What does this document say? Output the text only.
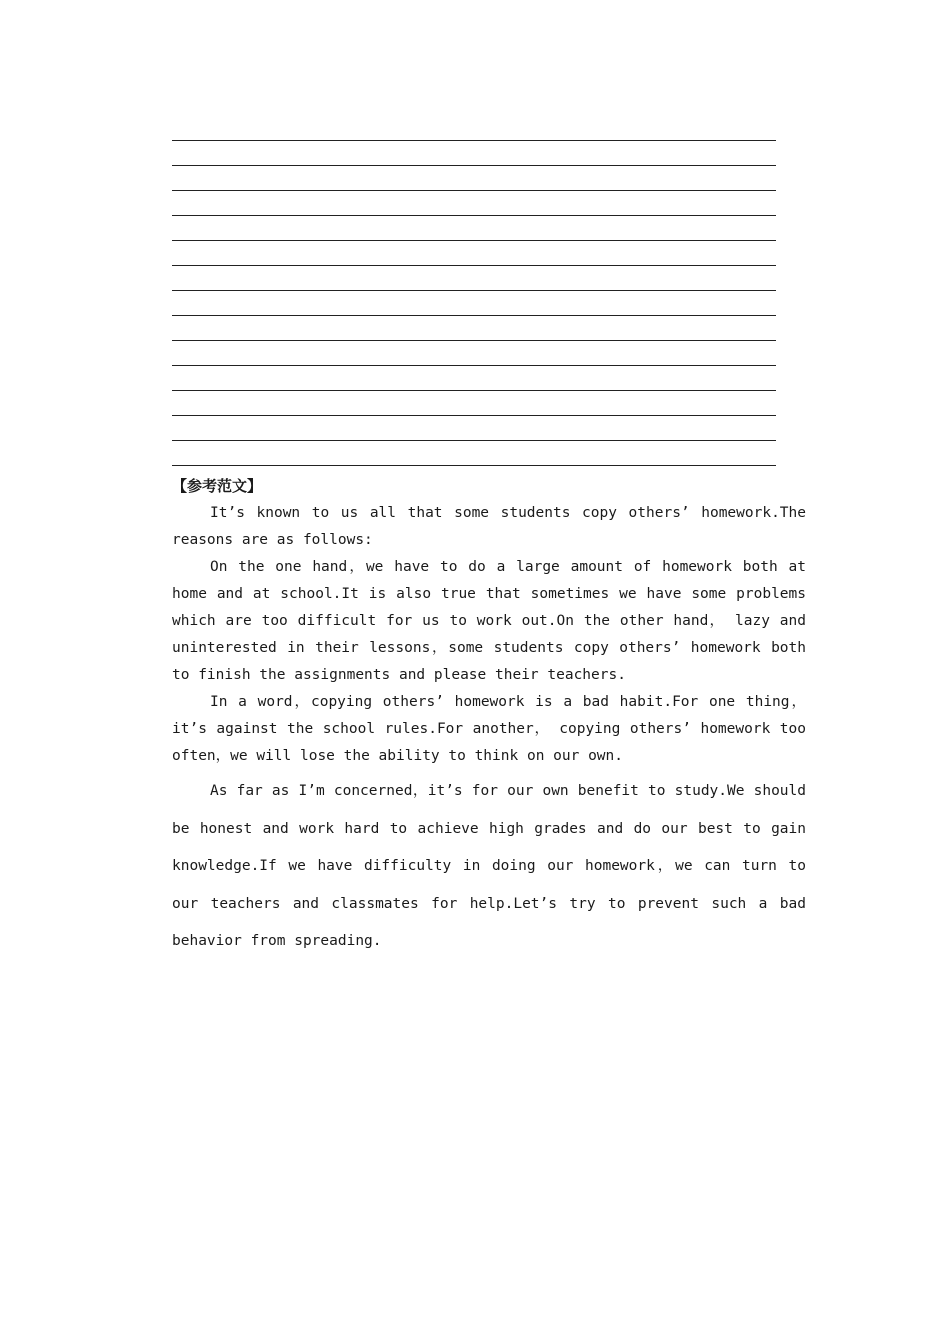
【参考范文】

It’s known to us all that some students copy others’ homework.The reasons are as follows:

On the one hand，we have to do a large amount of homework both at home and at school.It is also true that sometimes we have some problems which are too difficult for us to work out.On the other hand， lazy and uninterested in their lessons，some students copy others’ homework both to finish the assignments and please their teachers.

In a word，copying others’ homework is a bad habit.For one thing，it’s against the school rules.For another， copying others’ homework too often，we will lose the ability to think on our own.

As far as I’m concerned，it’s for our own benefit to study.We should be honest and work hard to achieve high grades and do our best to gain knowledge.If we have difficulty in doing our homework，we can turn to our teachers and classmates for help.Let’s try to prevent such a bad behavior from spreading.
